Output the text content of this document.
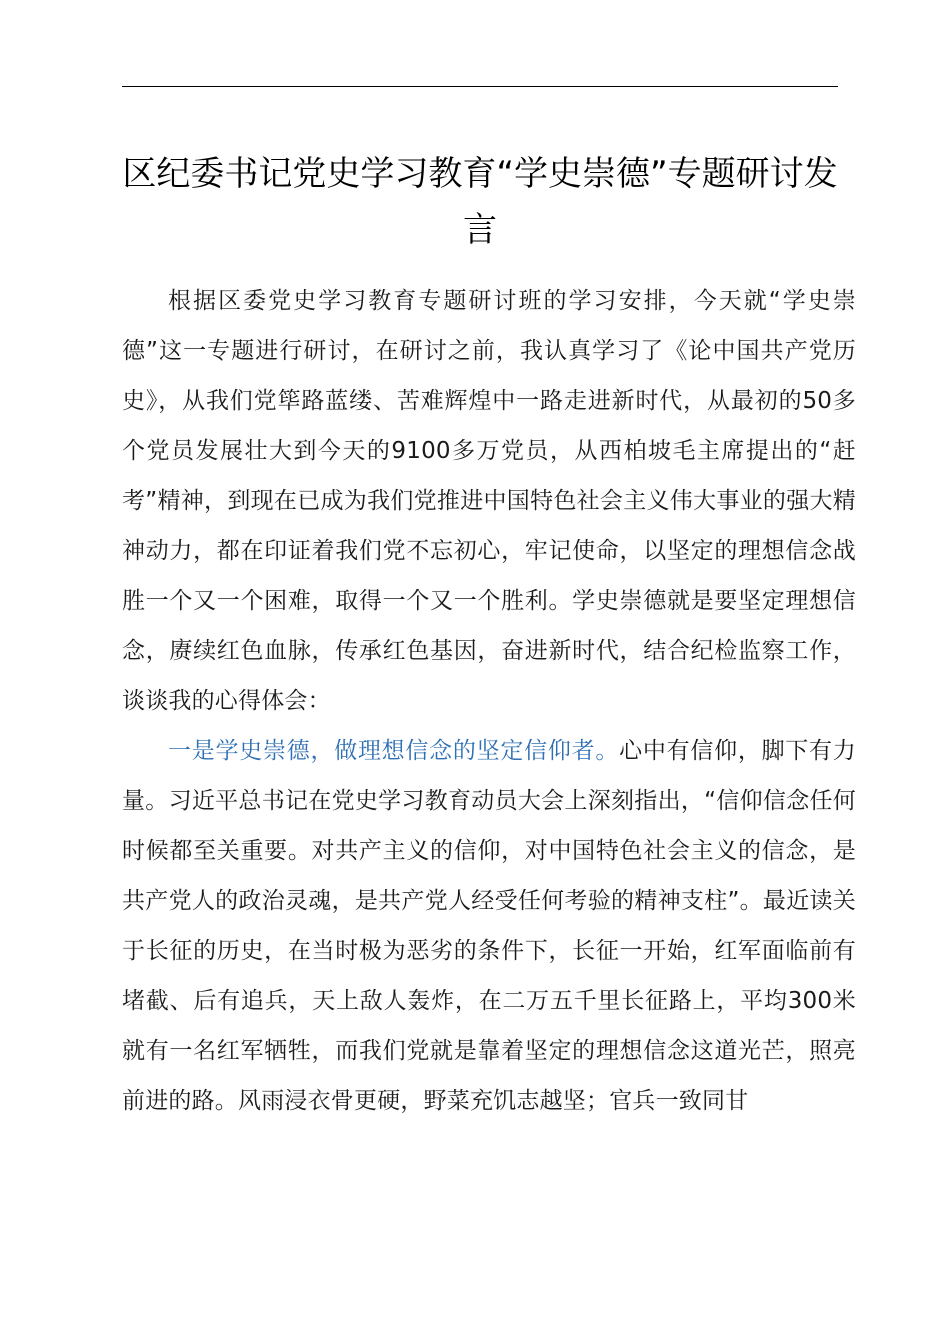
区纪委书记党史学习教育“学史崇德”专题研讨发言

根据区委党史学习教育专题研讨班的学习安排，今天就“学史崇德”这一专题进行研讨，在研讨之前，我认真学习了《论中国共产党历史》，从我们党筚路蓝缕、苦难辉煌中一路走进新时代，从最初的50多个党员发展壮大到今天的9100多万党员，从西柏坡毛主席提出的“赶考”精神，到现在已成为我们党推进中国特色社会主义伟大事业的强大精神动力，都在印证着我们党不忘初心，牢记使命，以坚定的理想信念战胜一个又一个困难，取得一个又一个胜利。学史崇德就是要坚定理想信念，赓续红色血脉，传承红色基因，奋进新时代，结合纪检监察工作，谈谈我的心得体会：

一是学史崇德，做理想信念的坚定信仰者。心中有信仰，脚下有力量。习近平总书记在党史学习教育动员大会上深刻指出，“信仰信念任何时候都至关重要。对共产主义的信仰，对中国特色社会主义的信念，是共产党人的政治灵魂，是共产党人经受任何考验的精神支柱”。最近读关于长征的历史，在当时极为恶劣的条件下，长征一开始，红军面临前有堵截、后有追兵，天上敌人轰炸，在二万五千里长征路上，平均300米就有一名红军牺牲，而我们党就是靠着坚定的理想信念这道光芒，照亮前进的路。风雨浸衣骨更硬，野菜充饥志越坚；官兵一致同甘
